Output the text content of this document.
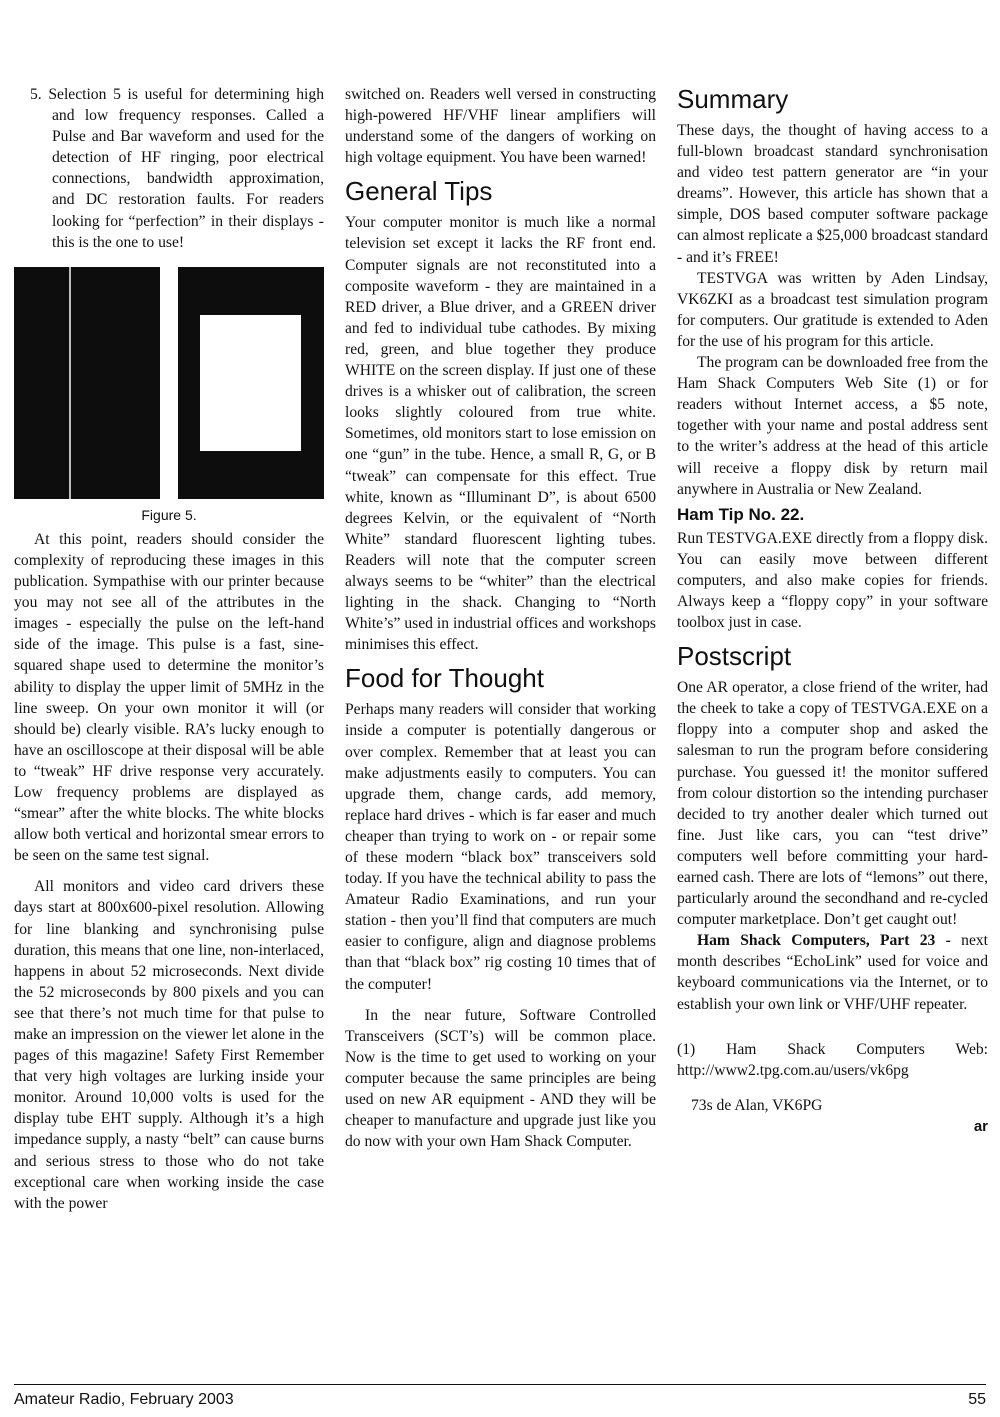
5. Selection 5 is useful for determining high and low frequency responses. Called a Pulse and Bar waveform and used for the detection of HF ringing, poor electrical connections, bandwidth approximation, and DC restoration faults. For readers looking for “perfection” in their displays - this is the one to use!

Figure 5.

At this point, readers should consider the complexity of reproducing these images in this publication. Sympathise with our printer because you may not see all of the attributes in the images - especially the pulse on the left-hand side of the image. This pulse is a fast, sine-squared shape used to determine the monitor’s ability to display the upper limit of 5MHz in the line sweep. On your own monitor it will (or should be) clearly visible. RA’s lucky enough to have an oscilloscope at their disposal will be able to “tweak” HF drive response very accurately. Low frequency problems are displayed as “smear” after the white blocks. The white blocks allow both vertical and horizontal smear errors to be seen on the same test signal.

All monitors and video card drivers these days start at 800x600-pixel resolution. Allowing for line blanking and synchronising pulse duration, this means that one line, non-interlaced, happens in about 52 microseconds. Next divide the 52 microseconds by 800 pixels and you can see that there’s not much time for that pulse to make an impression on the viewer let alone in the pages of this magazine! Safety First Remember that very high voltages are lurking inside your monitor. Around 10,000 volts is used for the display tube EHT supply. Although it’s a high impedance supply, a nasty “belt” can cause burns and serious stress to those who do not take exceptional care when working inside the case with the power

switched on. Readers well versed in constructing high-powered HF/VHF linear amplifiers will understand some of the dangers of working on high voltage equipment. You have been warned!

General Tips

Your computer monitor is much like a normal television set except it lacks the RF front end. Computer signals are not reconstituted into a composite waveform - they are maintained in a RED driver, a Blue driver, and a GREEN driver and fed to individual tube cathodes. By mixing red, green, and blue together they produce WHITE on the screen display. If just one of these drives is a whisker out of calibration, the screen looks slightly coloured from true white. Sometimes, old monitors start to lose emission on one “gun” in the tube. Hence, a small R, G, or B “tweak” can compensate for this effect. True white, known as “Illuminant D”, is about 6500 degrees Kelvin, or the equivalent of “North White” standard fluorescent lighting tubes. Readers will note that the computer screen always seems to be “whiter” than the electrical lighting in the shack. Changing to “North White’s” used in industrial offices and workshops minimises this effect.

Food for Thought

Perhaps many readers will consider that working inside a computer is potentially dangerous or over complex. Remember that at least you can make adjustments easily to computers. You can upgrade them, change cards, add memory, replace hard drives - which is far easer and much cheaper than trying to work on - or repair some of these modern “black box” transceivers sold today. If you have the technical ability to pass the Amateur Radio Examinations, and run your station - then you’ll find that computers are much easier to configure, align and diagnose problems than that “black box” rig costing 10 times that of the computer!

In the near future, Software Controlled Transceivers (SCT’s) will be common place. Now is the time to get used to working on your computer because the same principles are being used on new AR equipment - AND they will be cheaper to manufacture and upgrade just like you do now with your own Ham Shack Computer.

Summary

These days, the thought of having access to a full-blown broadcast standard synchronisation and video test pattern generator are “in your dreams”. However, this article has shown that a simple, DOS based computer software package can almost replicate a $25,000 broadcast standard - and it’s FREE!

TESTVGA was written by Aden Lindsay, VK6ZKI as a broadcast test simulation program for computers. Our gratitude is extended to Aden for the use of his program for this article.

The program can be downloaded free from the Ham Shack Computers Web Site (1) or for readers without Internet access, a $5 note, together with your name and postal address sent to the writer’s address at the head of this article will receive a floppy disk by return mail anywhere in Australia or New Zealand.

Ham Tip No. 22.

Run TESTVGA.EXE directly from a floppy disk. You can easily move between different computers, and also make copies for friends. Always keep a “floppy copy” in your software toolbox just in case.

Postscript

One AR operator, a close friend of the writer, had the cheek to take a copy of TESTVGA.EXE on a floppy into a computer shop and asked the salesman to run the program before considering purchase. You guessed it! the monitor suffered from colour distortion so the intending purchaser decided to try another dealer which turned out fine. Just like cars, you can “test drive” computers well before committing your hard-earned cash. There are lots of “lemons” out there, particularly around the secondhand and re-cycled computer marketplace. Don’t get caught out!

Ham Shack Computers, Part 23 - next month describes “EchoLink” used for voice and keyboard communications via the Internet, or to establish your own link or VHF/UHF repeater.

(1) Ham Shack Computers Web: http://www2.tpg.com.au/users/vk6pg

73s de Alan, VK6PG

ar

Amateur Radio, February 2003	55
